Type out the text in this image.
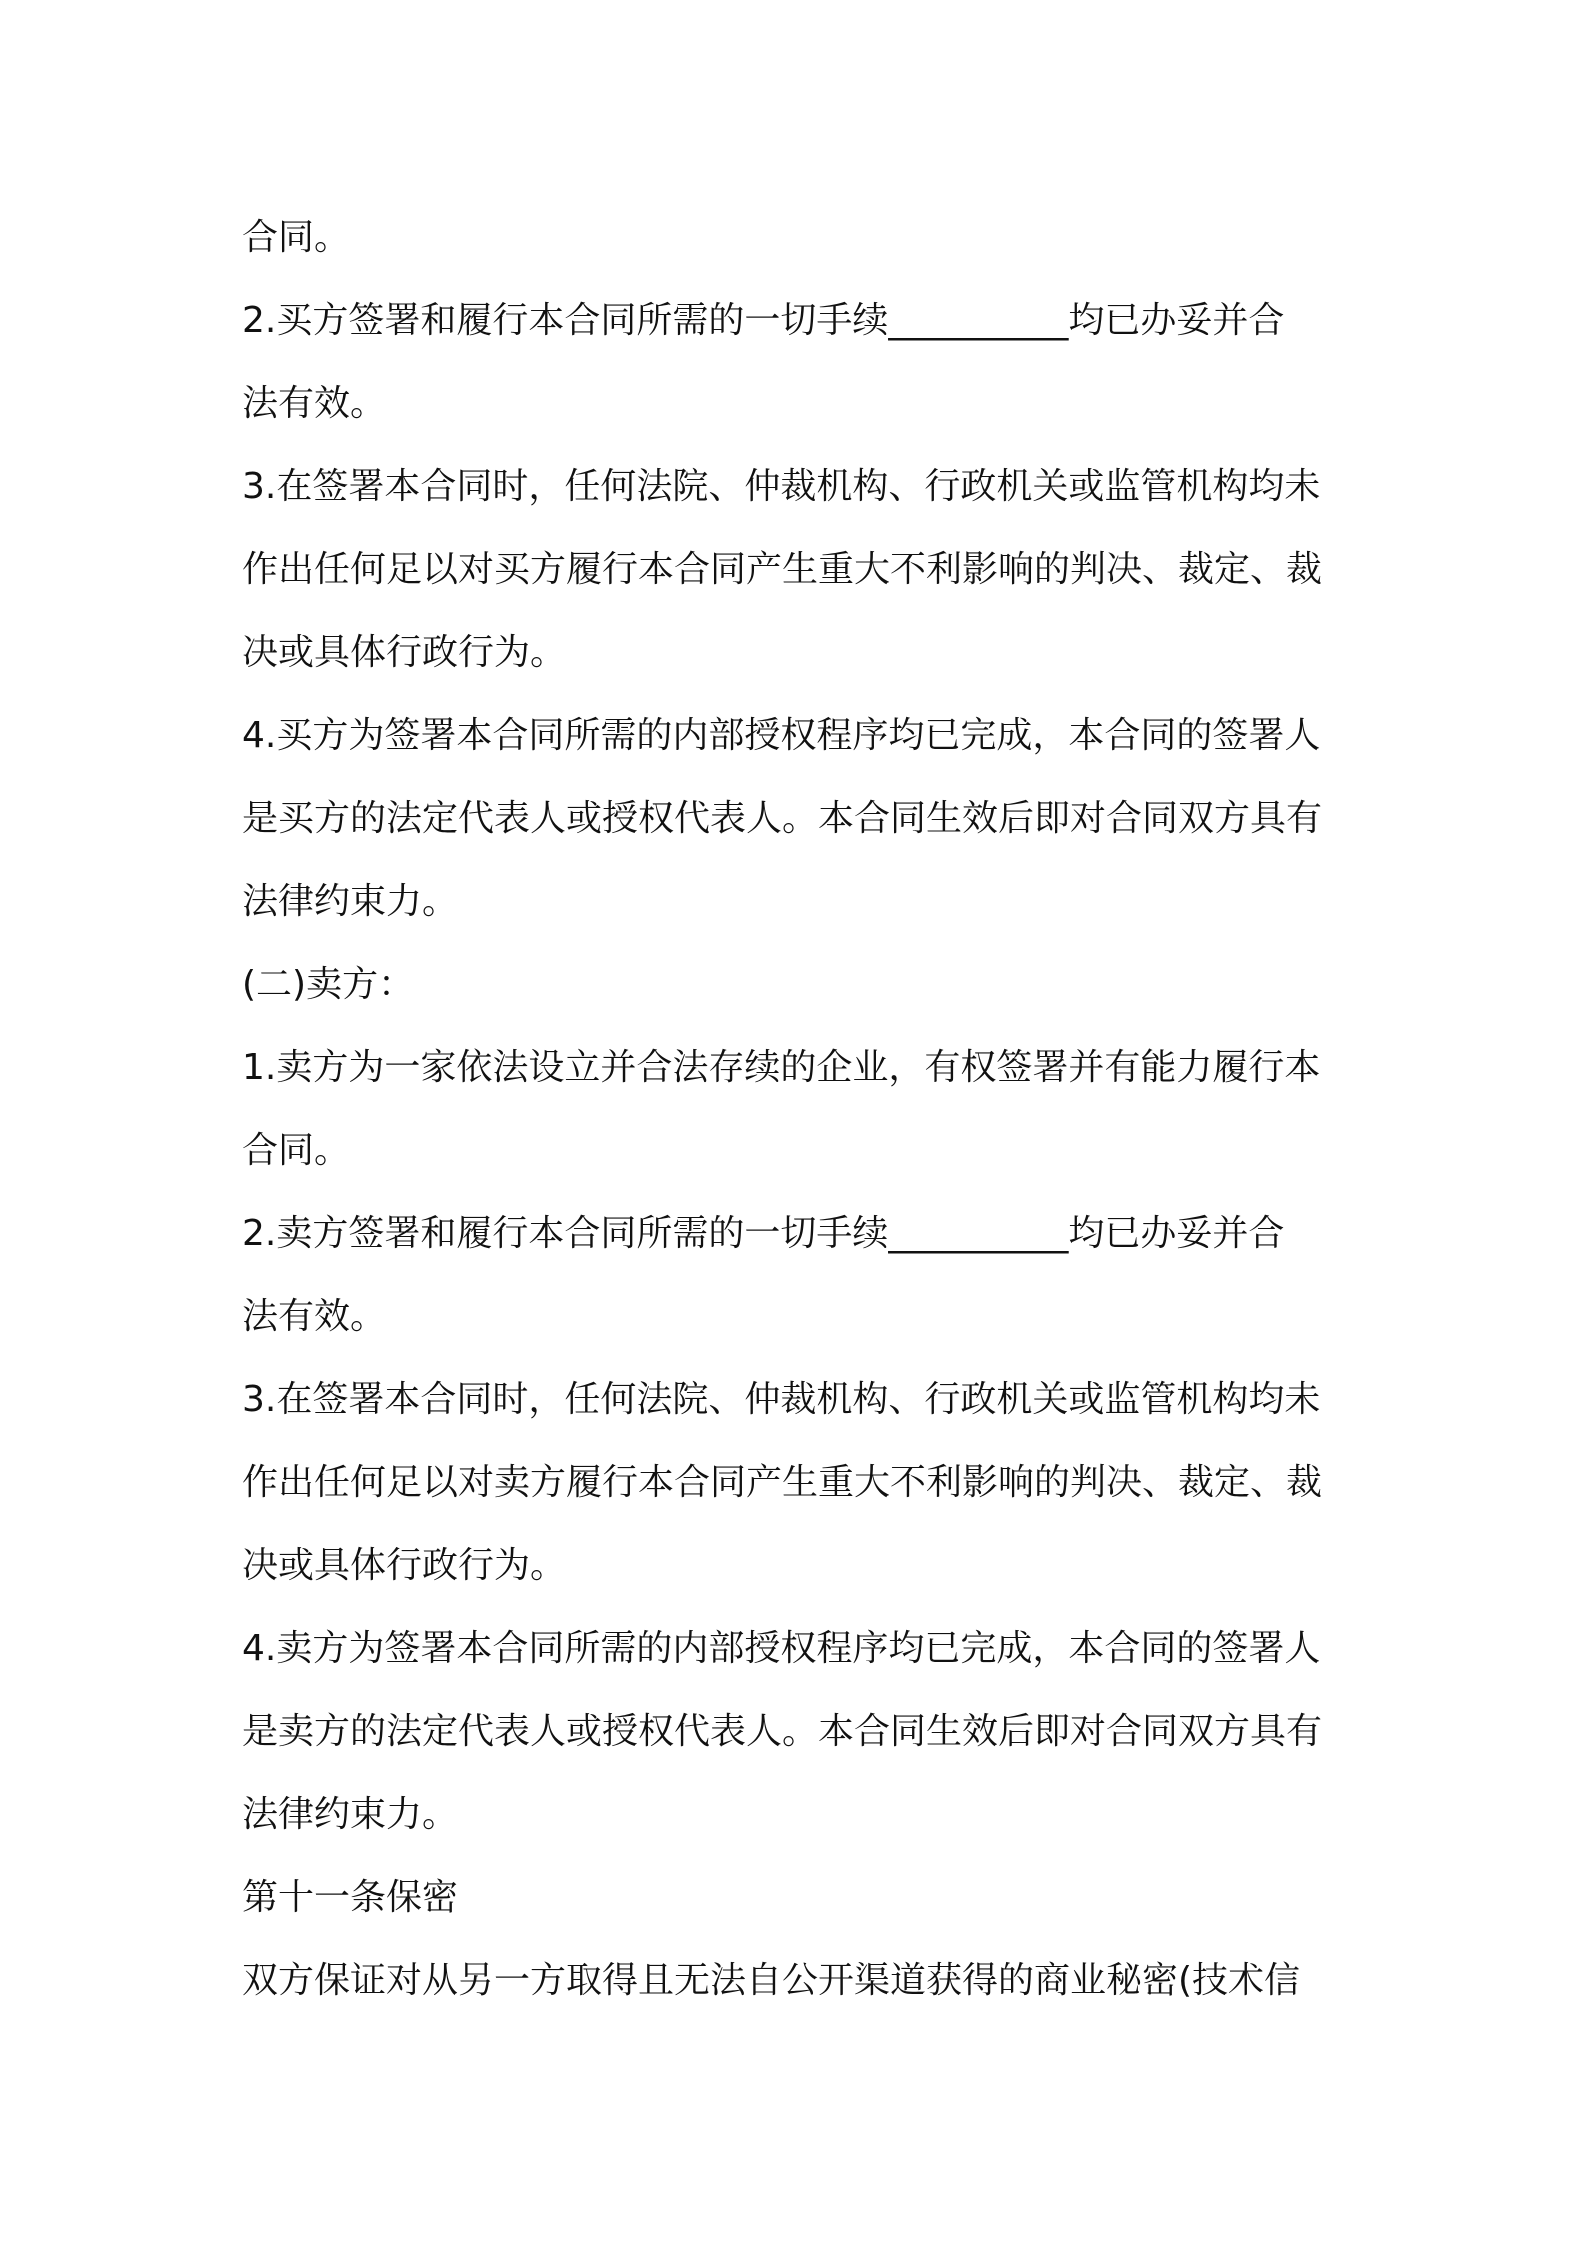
合同。
2.买方签署和履行本合同所需的一切手续__________均已办妥并合
法有效。
3.在签署本合同时，任何法院、仲裁机构、行政机关或监管机构均未
作出任何足以对买方履行本合同产生重大不利影响的判决、裁定、裁
决或具体行政行为。
4.买方为签署本合同所需的内部授权程序均已完成，本合同的签署人
是买方的法定代表人或授权代表人。本合同生效后即对合同双方具有
法律约束力。
(二)卖方：
1.卖方为一家依法设立并合法存续的企业，有权签署并有能力履行本
合同。
2.卖方签署和履行本合同所需的一切手续__________均已办妥并合
法有效。
3.在签署本合同时，任何法院、仲裁机构、行政机关或监管机构均未
作出任何足以对卖方履行本合同产生重大不利影响的判决、裁定、裁
决或具体行政行为。
4.卖方为签署本合同所需的内部授权程序均已完成，本合同的签署人
是卖方的法定代表人或授权代表人。本合同生效后即对合同双方具有
法律约束力。
第十一条保密
双方保证对从另一方取得且无法自公开渠道获得的商业秘密(技术信
